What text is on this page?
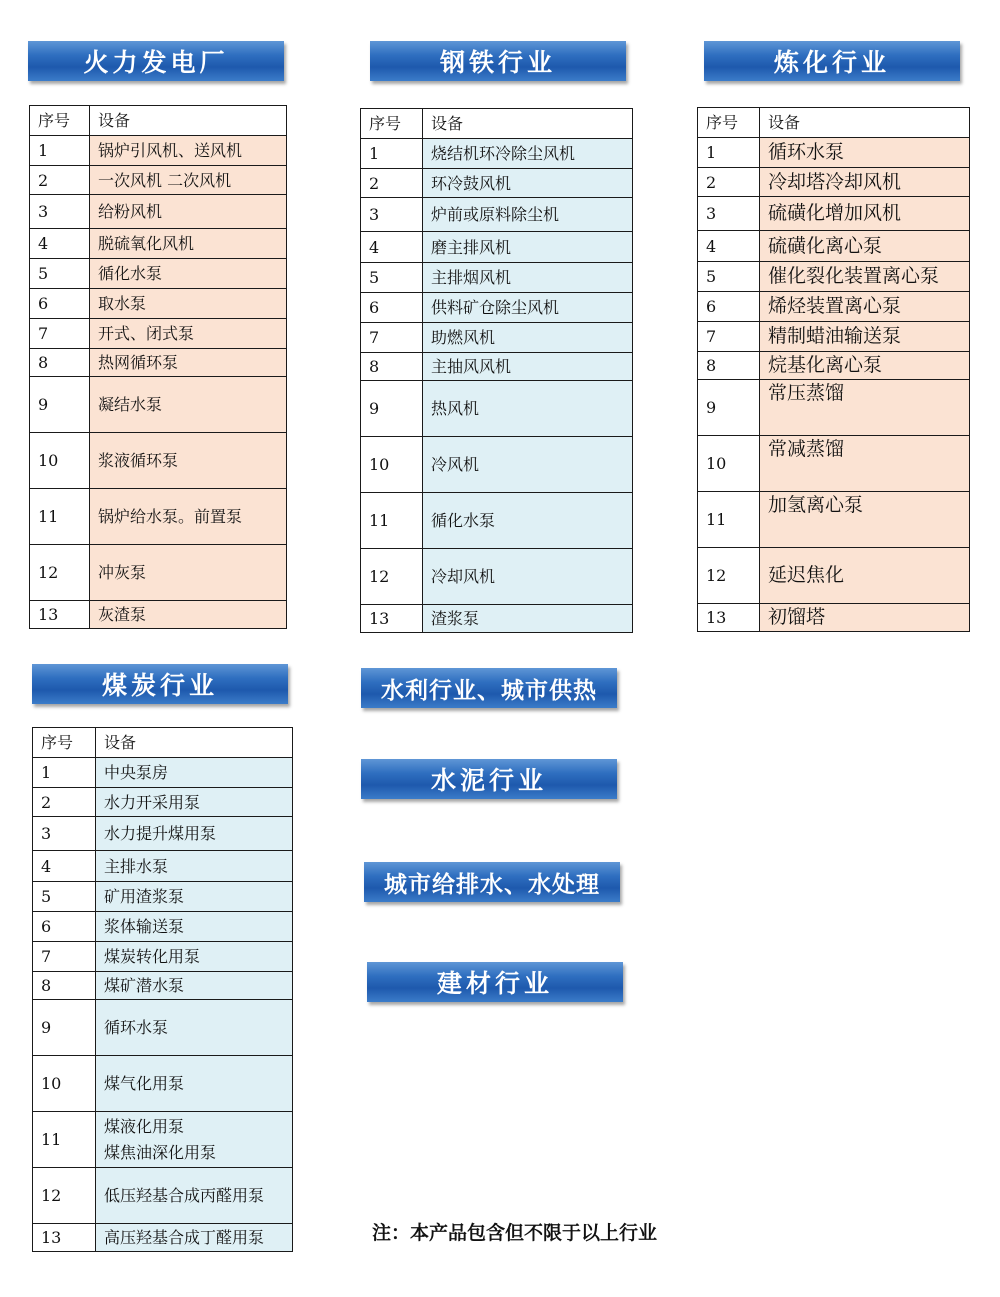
火力发电厂	钢铁行业	炼化行业
煤炭行业	水利行业、城市供热
水泥行业
城市给排水、水处理
建材行业
序号	设备
1	锅炉引风机、送风机
2	一次风机 二次风机
3	给粉风机
4	脱硫氧化风机
5	循化水泵
6	取水泵
7	开式、闭式泵
8	热网循环泵
9	凝结水泵
10	浆液循环泵
11	锅炉给水泵。前置泵
12	冲灰泵
13	灰渣泵
序号	设备
1	烧结机环冷除尘风机
2	环冷鼓风机
3	炉前或原料除尘机
4	磨主排风机
5	主排烟风机
6	供料矿仓除尘风机
7	助燃风机
8	主抽风风机
9	热风机
10	冷风机
11	循化水泵
12	冷却风机
13	渣浆泵
序号	设备
1	循环水泵
2	冷却塔冷却风机
3	硫磺化增加风机
4	硫磺化离心泵
5	催化裂化装置离心泵
6	烯烃装置离心泵
7	精制蜡油输送泵
8	烷基化离心泵
9	常压蒸馏
10	常减蒸馏
11	加氢离心泵
12	延迟焦化
13	初馏塔
序号	设备
1	中央泵房
2	水力开采用泵
3	水力提升煤用泵
4	主排水泵
5	矿用渣浆泵
6	浆体输送泵
7	煤炭转化用泵
8	煤矿潜水泵
9	循环水泵
10	煤气化用泵
11	煤液化用泵
煤焦油深化用泵

12	低压羟基合成丙醛用泵
13	高压羟基合成丁醛用泵	注：本产品包含但不限于以上行业
